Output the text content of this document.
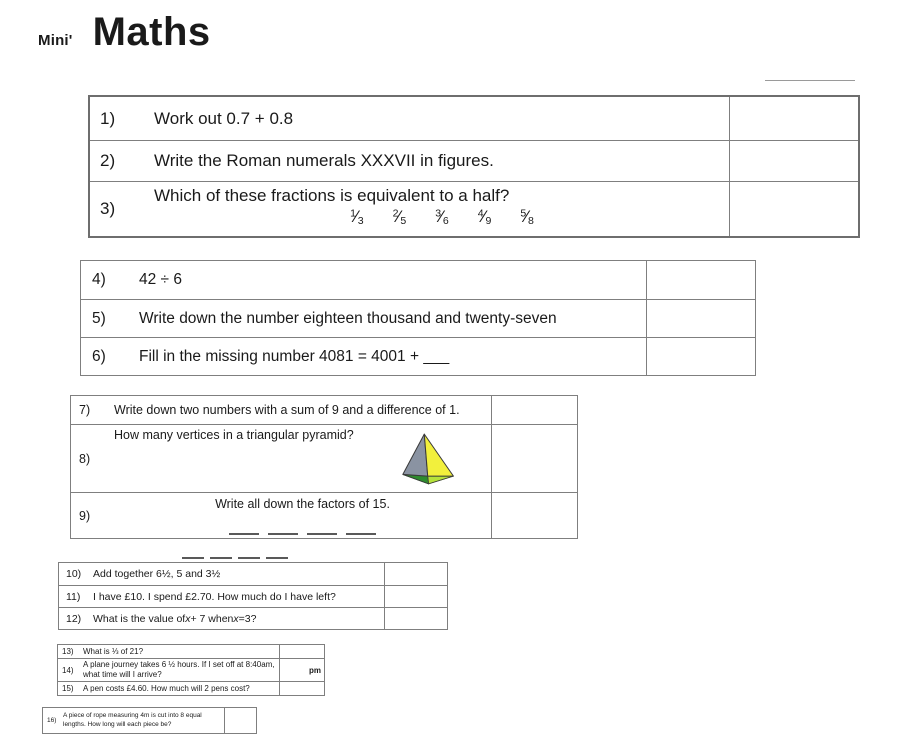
Mini' Maths
1)	Work out 0.7 + 0.8
2)	Write the Roman numerals XXXVII in figures.
3)
Which of these fractions is equivalent to a half?
$^1⁄_3$
$^2⁄_5$
$^3⁄_6$
$^4⁄_9$
$^5⁄_8$
4)	42 ÷ 6
5)	Write down the number eighteen thousand and twenty-seven
6)	Fill in the missing number 4081 = 4001 + ___
7)	Write down two numbers with a sum of 9 and a difference of 1.
8)
How many vertices in a triangular pyramid?
9)
Write all down the factors of 15.
10)	Add together 6½, 5 and 3½
11)	I have £10. I spend £2.70. How much do I have left?
12)	What is the value of x + 7 when x =3?
13)	What is ⅓ of 21?
14)
A plane journey takes 6 ½ hours. If I set off at 8:40am, what time will I arrive?	pm
15)	A pen costs £4.60. How much will 2 pens cost?
16)
A piece of rope measuring 4m is cut into 8 equal lengths. How long will each piece be?
